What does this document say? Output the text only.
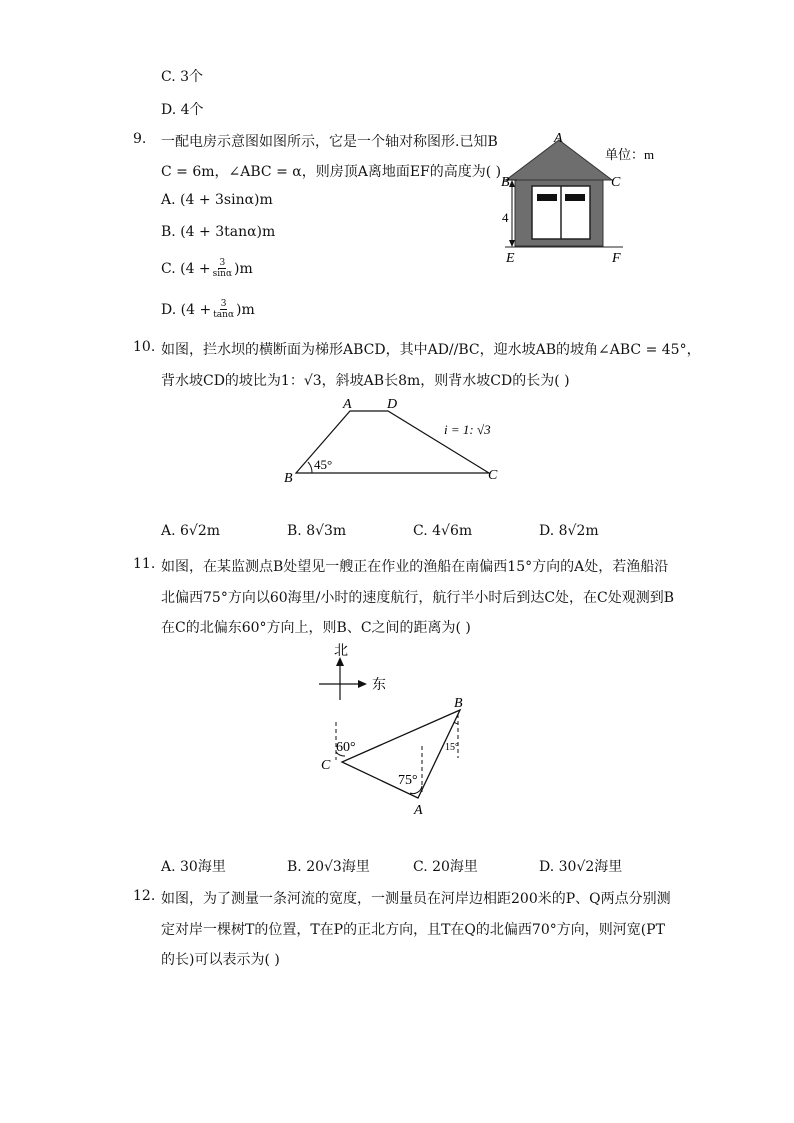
C. 3个
D. 4个
9. 一配电房示意图如图所示，它是一个轴对称图形.已知B
C = 6m，∠ABC = α，则房顶A离地面EF的高度为( )
A. (4 + 3sinα)m
B. (4 + 3tanα)m
C. $(4 + \frac{3}{\sin\alpha} )m$
D. $(4 + \frac{3}{\tan\alpha} )m$
A
B	C
E	F
4
单位：m
10. 如图，拦水坝的横断面为梯形ABCD，其中AD//BC，迎水坡AB的坡角∠ABC = 45°，
背水坡CD的坡比为1：√3，斜坡AB长8m，则背水坡CD的长为( )
A	D
B	C
45°
i = 1: √3
A. 6√2m	B. 8√3m	C. 4√6m	D. 8√2m
11. 如图，在某监测点B处望见一艘正在作业的渔船在南偏西15°方向的A处，若渔船沿
北偏西75°方向以60海里/小时的速度航行，航行半小时后到达C处，在C处观测到B
在C的北偏东60°方向上，则B、C之间的距离为( )
北
东
B
C
A
60°
75°
15°
A. 30海里	B. 20√3海里	C. 20海里	D. 30√2海里
12. 如图，为了测量一条河流的宽度，一测量员在河岸边相距200米的P、Q两点分别测
定对岸一棵树T的位置，T在P的正北方向，且T在Q的北偏西70°方向，则河宽(PT
的长)可以表示为( )
